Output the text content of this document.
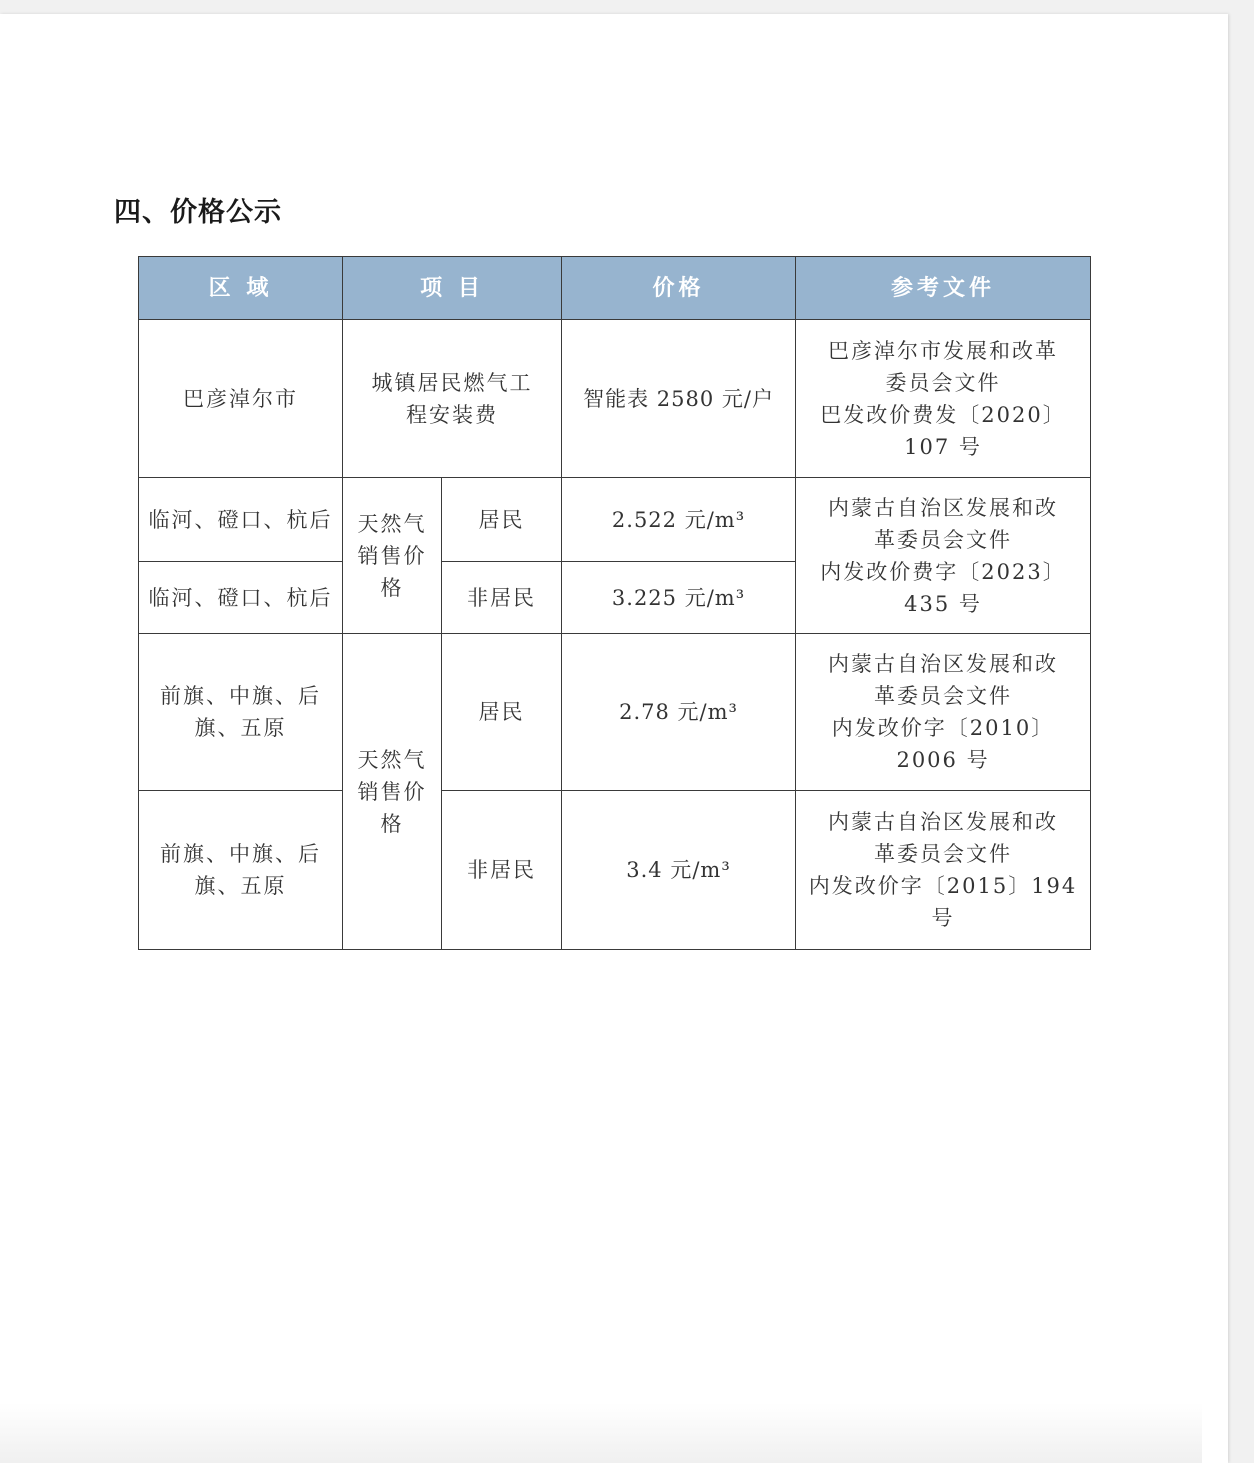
四、价格公示
区 域	项 目		价格	参考文件
巴彦淖尔市	城镇居民燃气工程安装费		智能表 2580 元/户	巴彦淖尔市发展和改革
委员会文件
巴发改价费发〔2020〕
107 号

临河、磴口、杭后	天然气销售价格	居民	2.522 元/m³	内蒙古自治区发展和改
革委员会文件
内发改价费字〔2023〕
435 号

临河、磴口、杭后		非居民	3.225 元/m³	
前旗、中旗、后旗、五原	天然气销售价格	居民	2.78 元/m³	内蒙古自治区发展和改
革委员会文件
内发改价字〔2010〕
2006 号

前旗、中旗、后旗、五原		非居民	3.4 元/m³	内蒙古自治区发展和改
革委员会文件
内发改价字〔2015〕194
号
